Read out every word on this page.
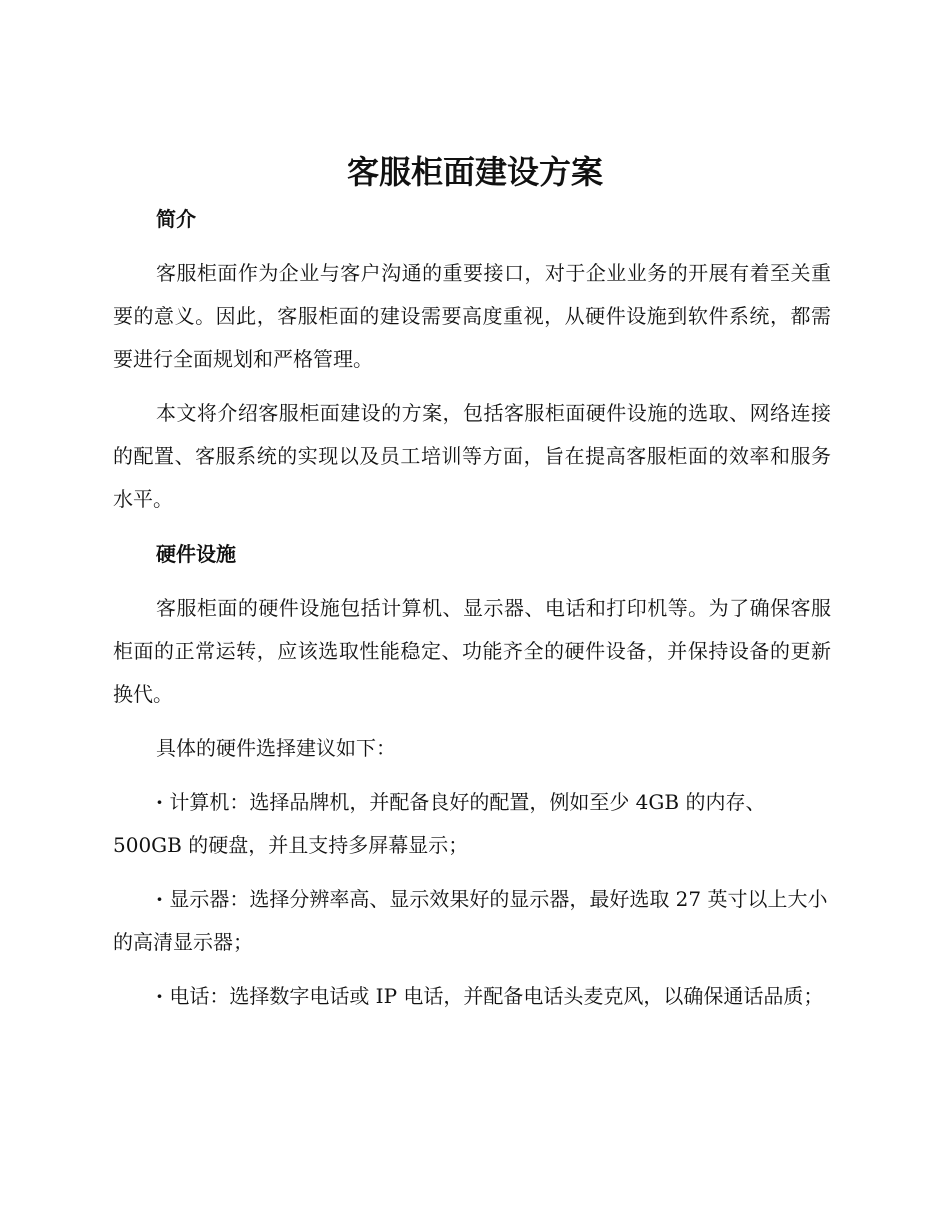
客服柜面建设方案
简介

客服柜面作为企业与客户沟通的重要接口，对于企业业务的开展有着至关重要的意义。因此，客服柜面的建设需要高度重视，从硬件设施到软件系统，都需要进行全面规划和严格管理。

本文将介绍客服柜面建设的方案，包括客服柜面硬件设施的选取、网络连接的配置、客服系统的实现以及员工培训等方面，旨在提高客服柜面的效率和服务水平。

硬件设施

客服柜面的硬件设施包括计算机、显示器、电话和打印机等。为了确保客服柜面的正常运转，应该选取性能稳定、功能齐全的硬件设备，并保持设备的更新换代。

具体的硬件选择建议如下：

· 计算机：选择品牌机，并配备良好的配置，例如至少 4GB 的内存、500GB 的硬盘，并且支持多屏幕显示；

· 显示器：选择分辨率高、显示效果好的显示器，最好选取 27 英寸以上大小的高清显示器；

· 电话：选择数字电话或 IP 电话，并配备电话头麦克风，以确保通话品质；
